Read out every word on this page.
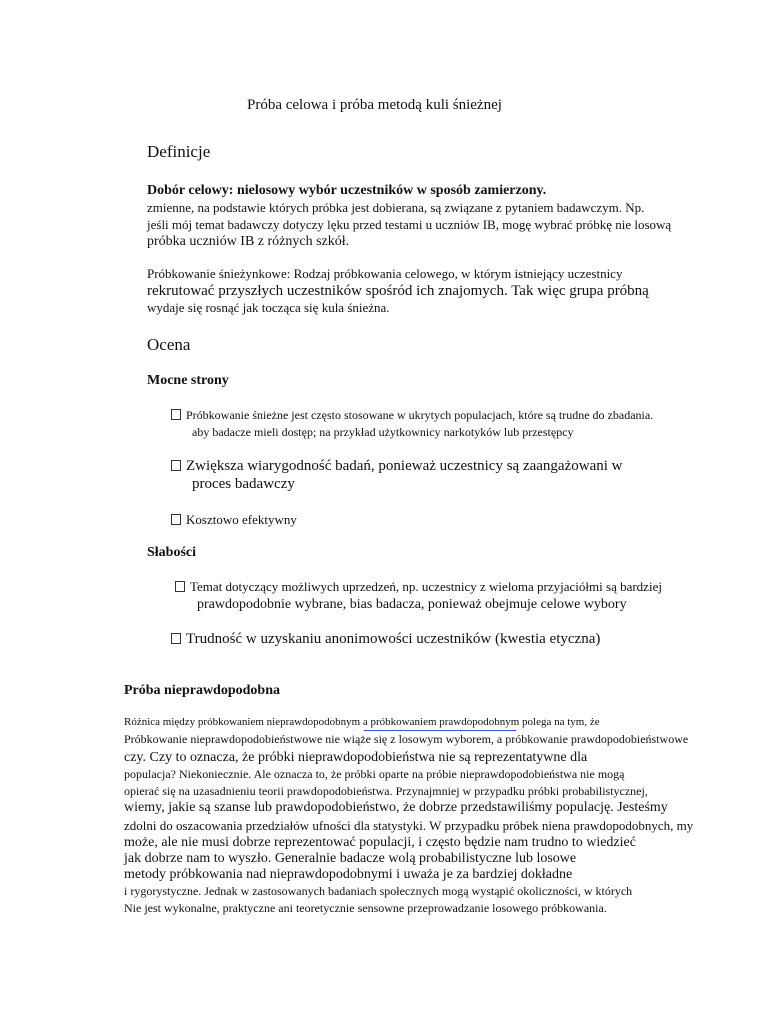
Próba celowa i próba metodą kuli śnieżnej
Definicje
Dobór celowy: nielosowy wybór uczestników w sposób zamierzony.
zmienne, na podstawie których próbka jest dobierana, są związane z pytaniem badawczym. Np.
jeśli mój temat badawczy dotyczy lęku przed testami u uczniów IB, mogę wybrać próbkę nie losową
próbka uczniów IB z różnych szkół.
Próbkowanie śnieżynkowe: Rodzaj próbkowania celowego, w którym istniejący uczestnicy
rekrutować przyszłych uczestników spośród ich znajomych. Tak więc grupa próbną
wydaje się rosnąć jak tocząca się kula śnieżna.
Ocena
Mocne strony
Próbkowanie śnieżne jest często stosowane w ukrytych populacjach, które są trudne do zbadania.
aby badacze mieli dostęp; na przykład użytkownicy narkotyków lub przestępcy
Zwiększa wiarygodność badań, ponieważ uczestnicy są zaangażowani w
proces badawczy
Kosztowo efektywny
Słabości
Temat dotyczący możliwych uprzedzeń, np. uczestnicy z wieloma przyjaciółmi są bardziej
prawdopodobnie wybrane, bias badacza, ponieważ obejmuje celowe wybory
Trudność w uzyskaniu anonimowości uczestników (kwestia etyczna)
Próba nieprawdopodobna
Różnica między próbkowaniem nieprawdopodobnym a próbkowaniem prawdopodobnym polega na tym, że
Próbkowanie nieprawdopodobieństwowe nie wiąże się z losowym wyborem, a próbkowanie prawdopodobieństwowe
czy. Czy to oznacza, że próbki nieprawdopodobieństwa nie są reprezentatywne dla
populacja? Niekoniecznie. Ale oznacza to, że próbki oparte na próbie nieprawdopodobieństwa nie mogą
opierać się na uzasadnieniu teorii prawdopodobieństwa. Przynajmniej w przypadku próbki probabilistycznej,
wiemy, jakie są szanse lub prawdopodobieństwo, że dobrze przedstawiliśmy populację. Jesteśmy
zdolni do oszacowania przedziałów ufności dla statystyki. W przypadku próbek niena prawdopodobnych, my
może, ale nie musi dobrze reprezentować populacji, i często będzie nam trudno to wiedzieć
jak dobrze nam to wyszło. Generalnie badacze wolą probabilistyczne lub losowe
metody próbkowania nad nieprawdopodobnymi i uważa je za bardziej dokładne
i rygorystyczne. Jednak w zastosowanych badaniach społecznych mogą wystąpić okoliczności, w których
Nie jest wykonalne, praktyczne ani teoretycznie sensowne przeprowadzanie losowego próbkowania.
